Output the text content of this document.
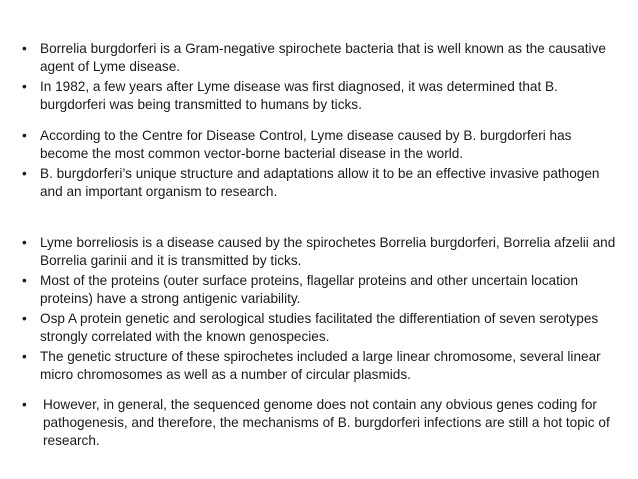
• Borrelia burgdorferi is a Gram-negative spirochete bacteria that is well known as the causative agent of Lyme disease.
• In 1982, a few years after Lyme disease was first diagnosed, it was determined that B. burgdorferi was being transmitted to humans by ticks.
• According to the Centre for Disease Control, Lyme disease caused by B. burgdorferi has become the most common vector-borne bacterial disease in the world.
• B. burgdorferi’s unique structure and adaptations allow it to be an effective invasive pathogen and an important organism to research.
• Lyme borreliosis is a disease caused by the spirochetes Borrelia burgdorferi, Borrelia afzelii and Borrelia garinii and it is transmitted by ticks.
• Most of the proteins (outer surface proteins, flagellar proteins and other uncertain location proteins) have a strong antigenic variability.
• Osp A protein genetic and serological studies facilitated the differentiation of seven serotypes strongly correlated with the known genospecies.
• The genetic structure of these spirochetes included a large linear chromosome, several linear micro chromosomes as well as a number of circular plasmids.
• However, in general, the sequenced genome does not contain any obvious genes coding for pathogenesis, and therefore, the mechanisms of B. burgdorferi infections are still a hot topic of research.
